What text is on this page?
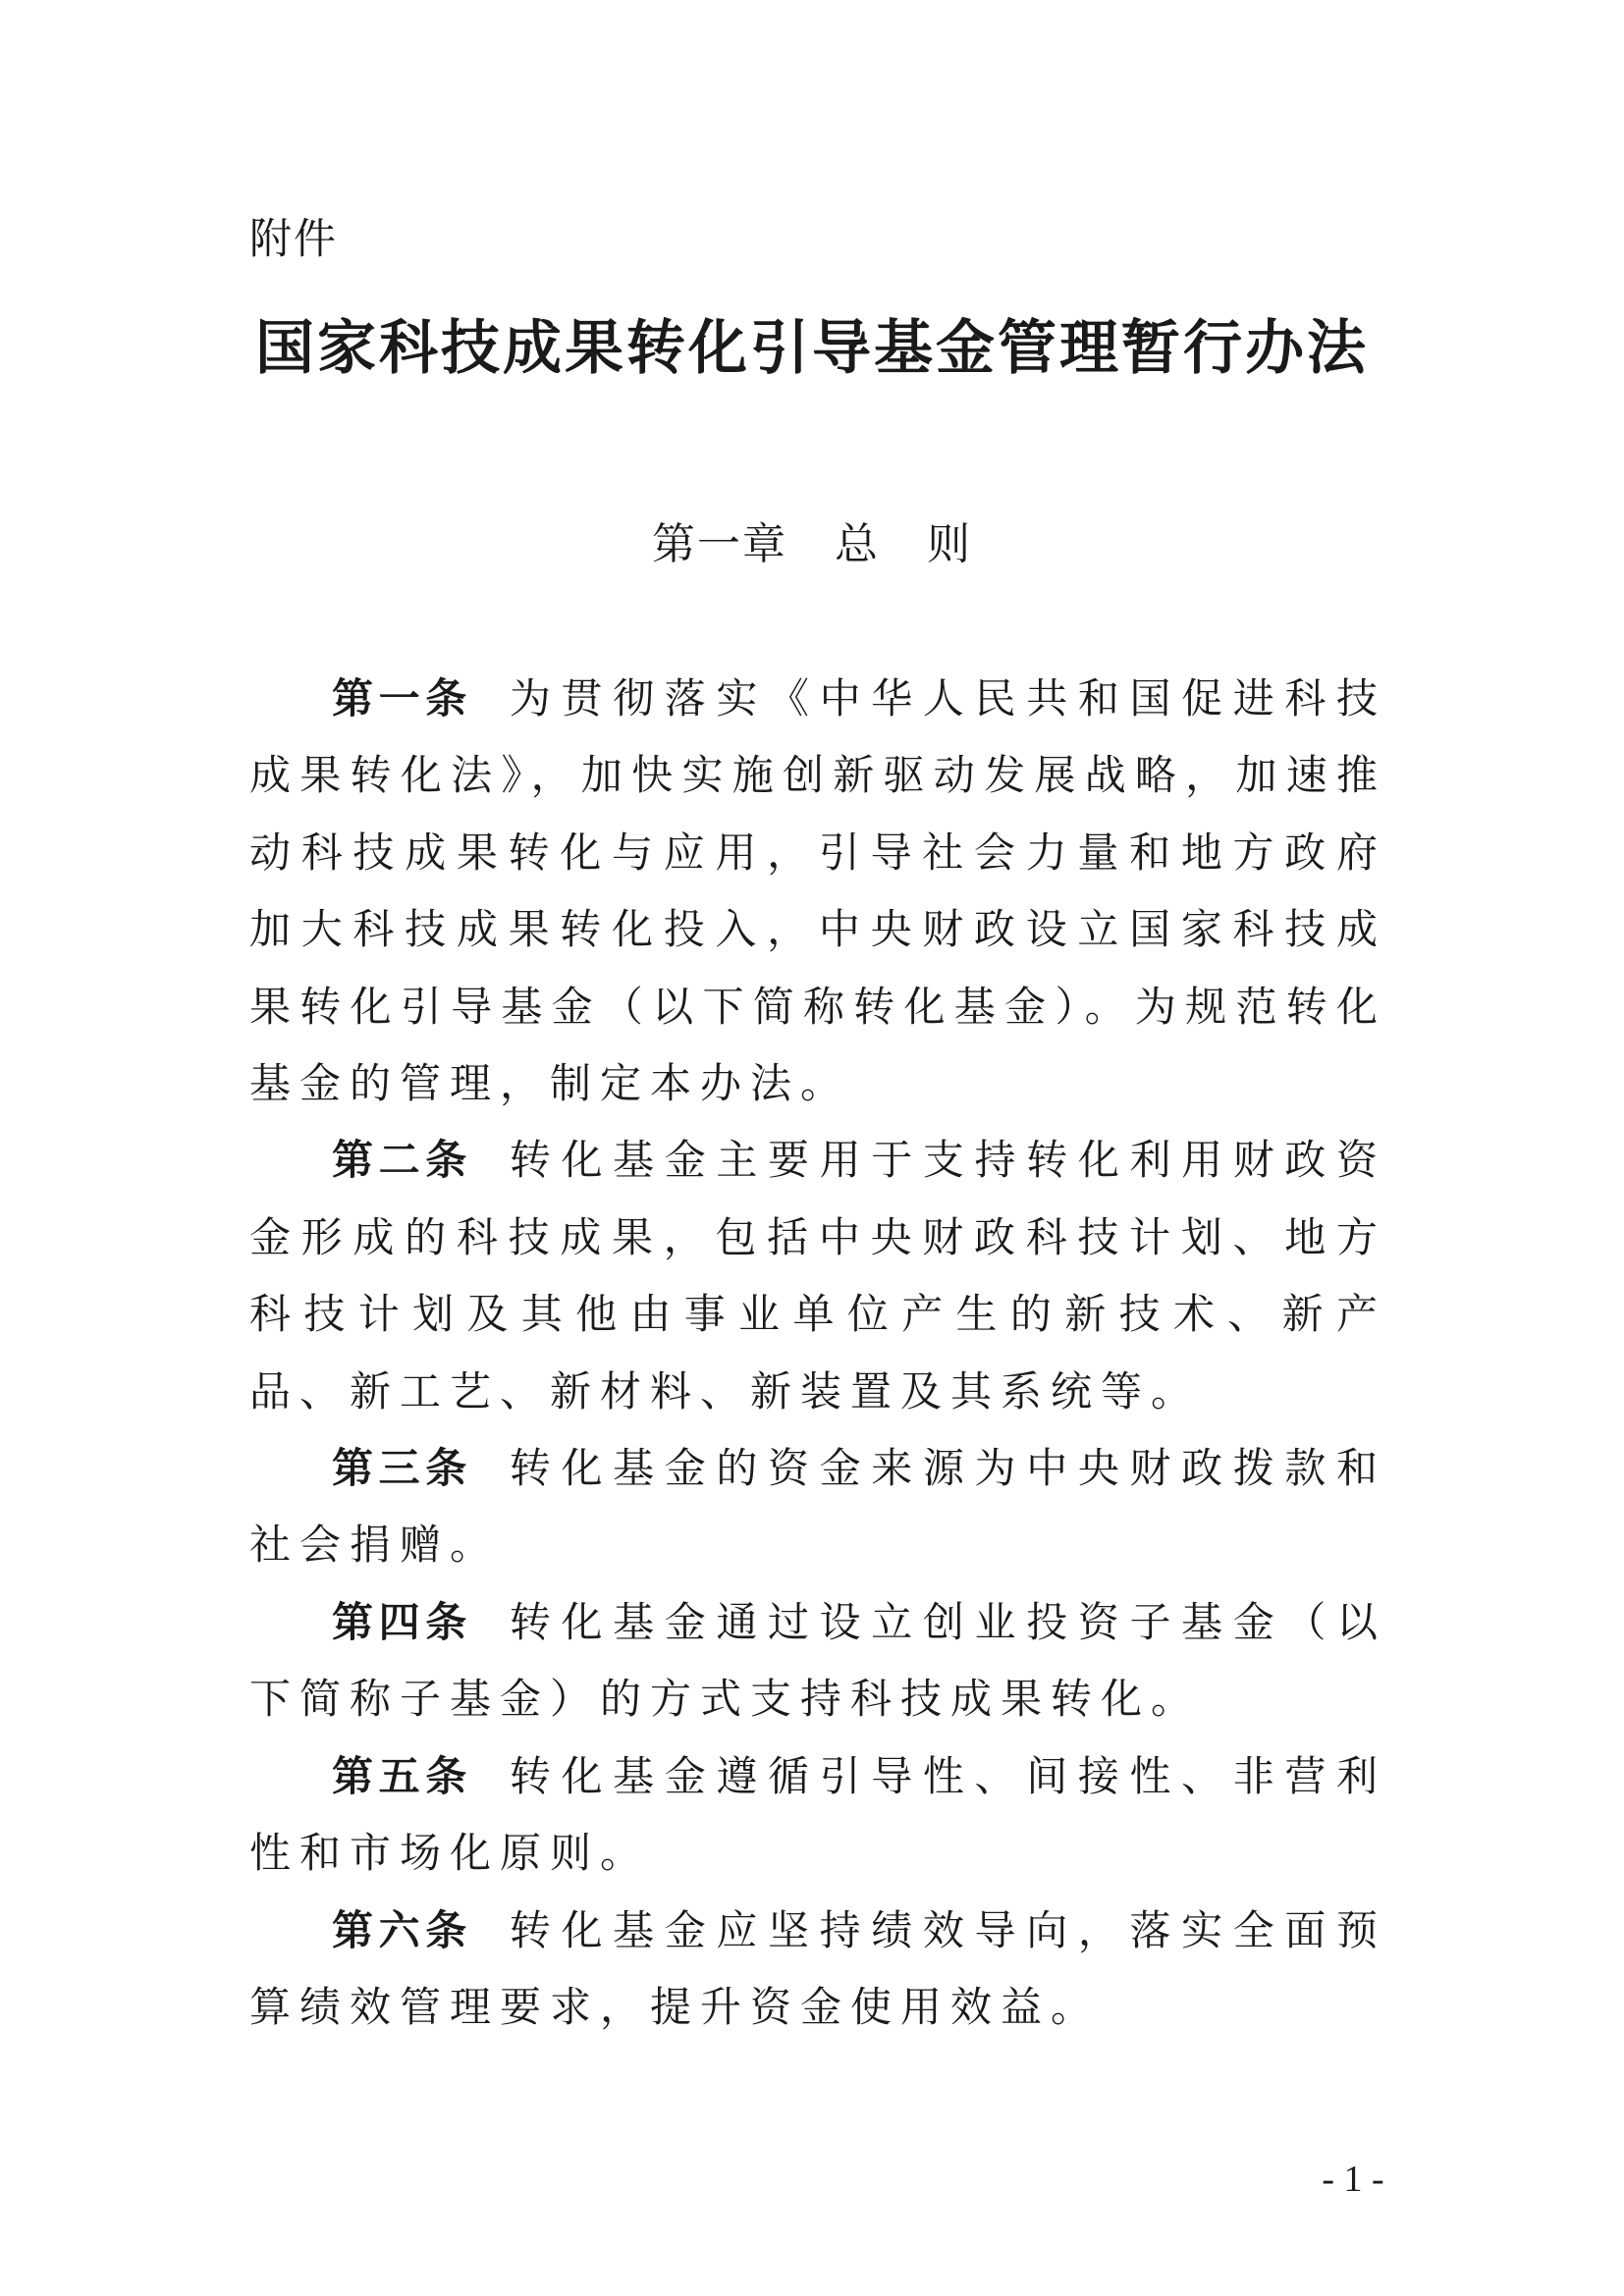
附件
国家科技成果转化引导基金管理暂行办法
第一章   总   则

第一条 为贯彻落实《中华人民共和国促进科技成果转化法》，加快实施创新驱动发展战略，加速推动科技成果转化与应用，引导社会力量和地方政府加大科技成果转化投入，中央财政设立国家科技成果转化引导基金（以下简称转化基金）。为规范转化基金的管理，制定本办法。

第二条 转化基金主要用于支持转化利用财政资金形成的科技成果，包括中央财政科技计划、地方科技计划及其他由事业单位产生的新技术、新产品、新工艺、新材料、新装置及其系统等。

第三条 转化基金的资金来源为中央财政拨款和社会捐赠。

第四条 转化基金通过设立创业投资子基金（以下简称子基金）的方式支持科技成果转化。

第五条 转化基金遵循引导性、间接性、非营利性和市场化原则。

第六条 转化基金应坚持绩效导向，落实全面预算绩效管理要求，提升资金使用效益。

- 1 -
